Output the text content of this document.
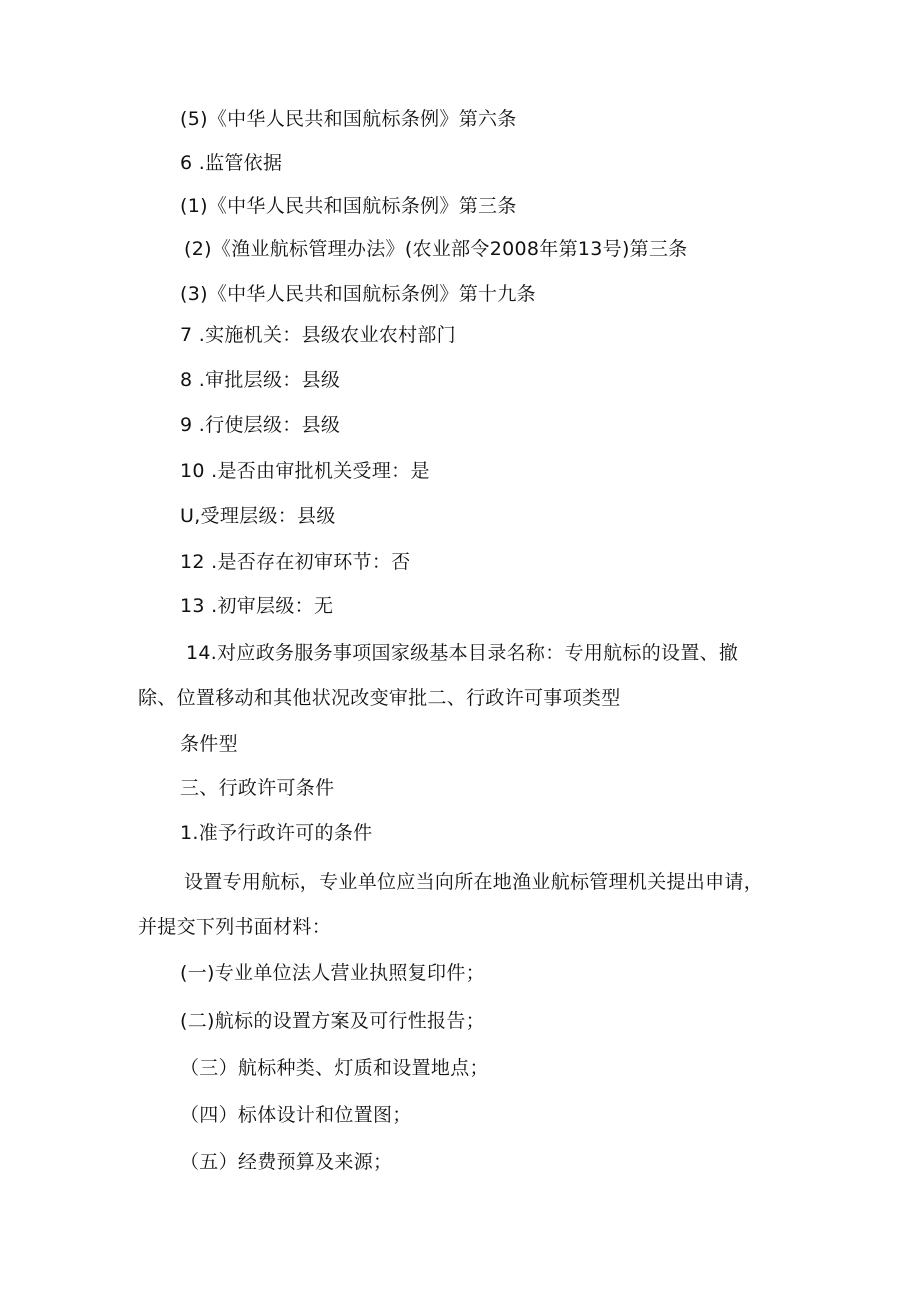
(5)《中华人民共和国航标条例》第六条
6 .监管依据
(1)《中华人民共和国航标条例》第三条
(2)《渔业航标管理办法》(农业部令2008年第13号)第三条
(3)《中华人民共和国航标条例》第十九条
7 .实施机关：县级农业农村部门
8 .审批层级：县级
9 .行使层级：县级
10 .是否由审批机关受理：是
U,受理层级：县级
12 .是否存在初审环节：否
13 .初审层级：无
14.对应政务服务事项国家级基本目录名称：专用航标的设置、撤
除、位置移动和其他状况改变审批二、行政许可事项类型
条件型
三、行政许可条件
1.准予行政许可的条件
设置专用航标，专业单位应当向所在地渔业航标管理机关提出申请，
并提交下列书面材料：
(一)专业单位法人营业执照复印件；
(二)航标的设置方案及可行性报告；
（三）航标种类、灯质和设置地点；
（四）标体设计和位置图；
（五）经费预算及来源；
